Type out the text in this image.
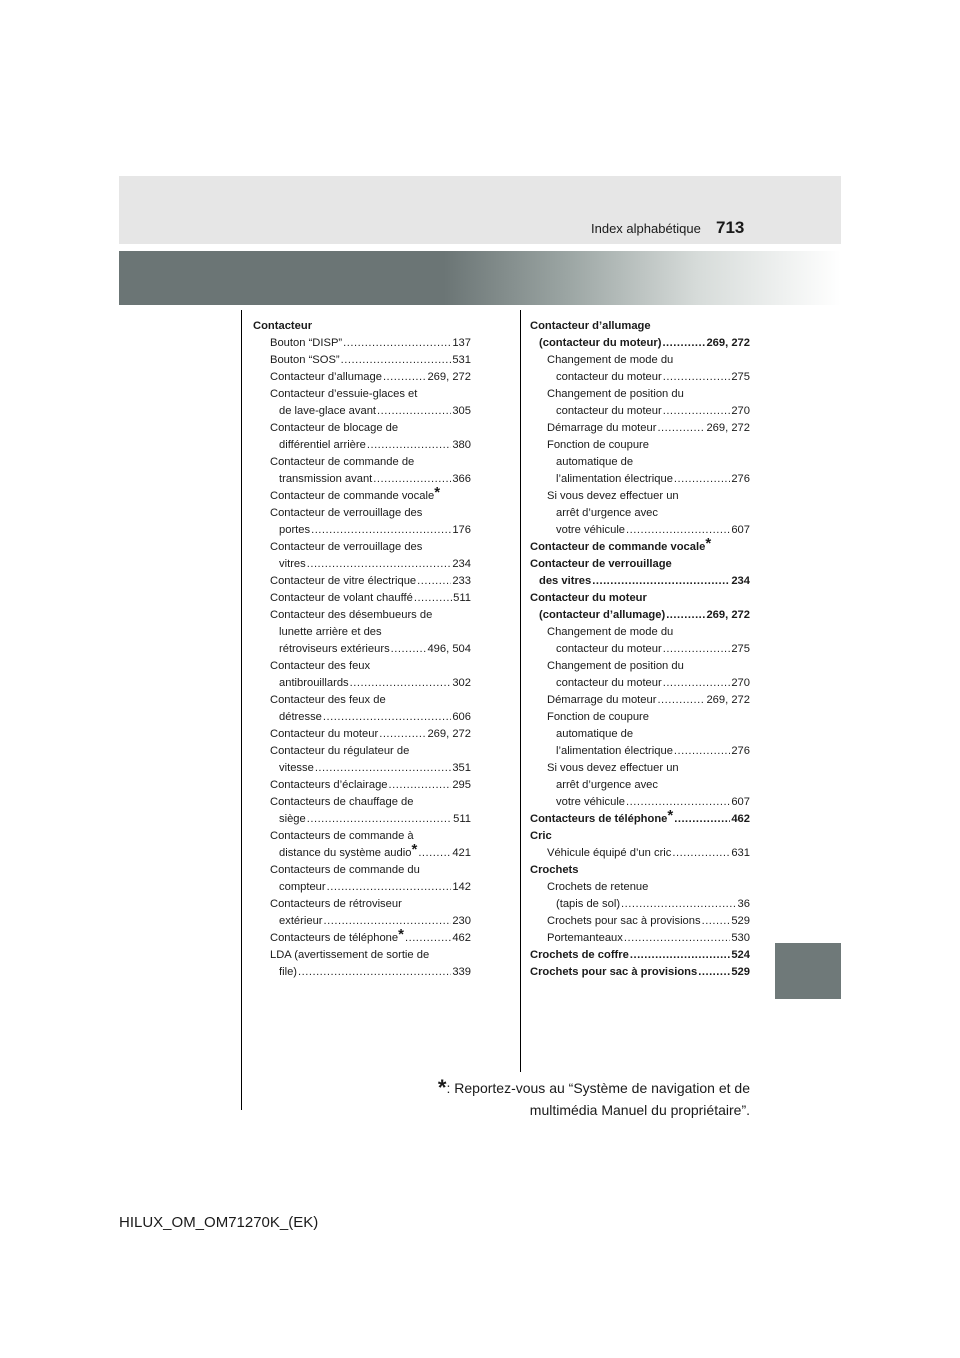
Index alphabétique 713
Contacteur
Bouton “DISP” .....	137
Bouton “SOS” .....	531
Contacteur d’allumage .....	269, 272
Contacteur d’essuie-glaces et
de lave-glace avant .....	305
Contacteur de blocage de
différentiel arrière .....	380
Contacteur de commande de
transmission avant .....	366
Contacteur de commande vocale*
Contacteur de verrouillage des
portes .....	176
Contacteur de verrouillage des
vitres .....	234
Contacteur de vitre électrique .....	233
Contacteur de volant chauffé .....	511
Contacteur des désembueurs de
lunette arrière et des
rétroviseurs extérieurs .....	496, 504
Contacteur des feux
antibrouillards .....	302
Contacteur des feux de
détresse .....	606
Contacteur du moteur .....	269, 272
Contacteur du régulateur de
vitesse .....	351
Contacteurs d’éclairage .....	295
Contacteurs de chauffage de
siège .....	511
Contacteurs de commande à
distance du système audio* .....	421
Contacteurs de commande du
compteur .....	142
Contacteurs de rétroviseur
extérieur .....	230
Contacteurs de téléphone* .....	462
LDA (avertissement de sortie de
file) .....	339
Contacteur d’allumage
(contacteur du moteur) .....	269, 272
Changement de mode du
contacteur du moteur .....	275
Changement de position du
contacteur du moteur .....	270
Démarrage du moteur .....	269, 272
Fonction de coupure
automatique de
l’alimentation électrique .....	276
Si vous devez effectuer un
arrêt d’urgence avec
votre véhicule .....	607
Contacteur de commande vocale*
Contacteur de verrouillage
des vitres .....	234
Contacteur du moteur
(contacteur d’allumage) .....	269, 272
Changement de mode du
contacteur du moteur .....	275
Changement de position du
contacteur du moteur .....	270
Démarrage du moteur .....	269, 272
Fonction de coupure
automatique de
l’alimentation électrique .....	276
Si vous devez effectuer un
arrêt d’urgence avec
votre véhicule .....	607
Contacteurs de téléphone* .....	462
Cric
Véhicule équipé d’un cric .....	631
Crochets
Crochets de retenue
(tapis de sol) .....	36
Crochets pour sac à provisions .....	529
Portemanteaux .....	530
Crochets de coffre .....	524
Crochets pour sac à provisions .....	529
*: Reportez-vous au “Système de navigation et de
multimédia Manuel du propriétaire”.
HILUX_OM_OM71270K_(EK)
